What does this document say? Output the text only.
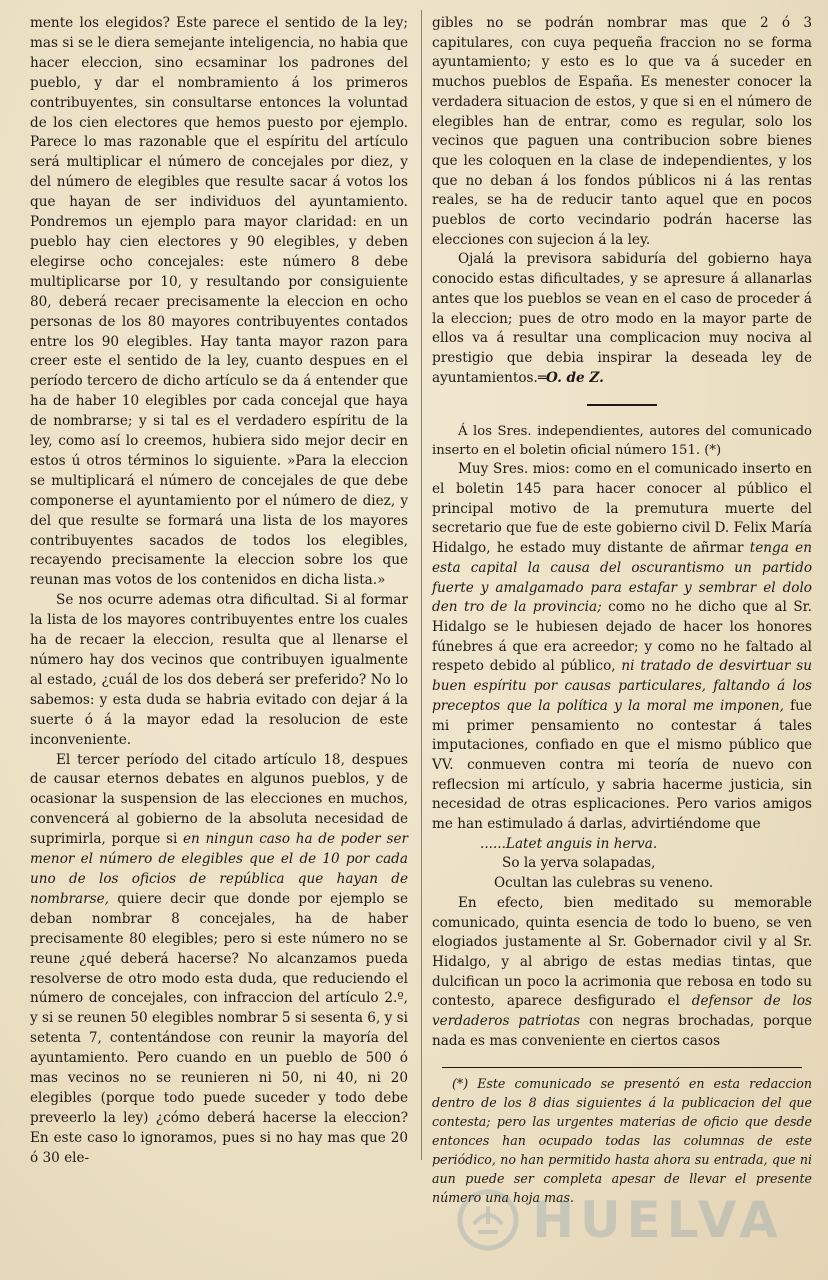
mente los elegidos? Este parece el sentido de la ley; mas si se le diera semejante inteligencia, no habia que hacer eleccion, sino ecsaminar los padrones del pueblo, y dar el nombramiento á los primeros contribuyentes, sin consultarse entonces la voluntad de los cien electores que hemos puesto por ejemplo. Parece lo mas razonable que el espíritu del artículo será multiplicar el número de concejales por diez, y del número de elegibles que resulte sacar á votos los que hayan de ser individuos del ayuntamiento. Pondremos un ejemplo para mayor claridad: en un pueblo hay cien electores y 90 elegibles, y deben elegirse ocho concejales: este número 8 debe multiplicarse por 10, y resultando por consiguiente 80, deberá recaer precisamente la eleccion en ocho personas de los 80 mayores contribuyentes contados entre los 90 elegibles. Hay tanta mayor razon para creer este el sentido de la ley, cuanto despues en el período tercero de dicho artículo se da á entender que ha de haber 10 elegibles por cada concejal que haya de nombrarse; y si tal es el verdadero espíritu de la ley, como así lo creemos, hubiera sido mejor decir en estos ú otros términos lo siguiente. »Para la eleccion se multiplicará el número de concejales de que debe componerse el ayuntamiento por el número de diez, y del que resulte se formará una lista de los mayores contribuyentes sacados de todos los elegibles, recayendo precisamente la eleccion sobre los que reunan mas votos de los contenidos en dicha lista.»

Se nos ocurre ademas otra dificultad. Si al formar la lista de los mayores contribuyentes entre los cuales ha de recaer la eleccion, resulta que al llenarse el número hay dos vecinos que contribuyen igualmente al estado, ¿cuál de los dos deberá ser preferido? No lo sabemos: y esta duda se habria evitado con dejar á la suerte ó á la mayor edad la resolucion de este inconveniente.

El tercer período del citado artículo 18, despues de causar eternos debates en algunos pueblos, y de ocasionar la suspension de las elecciones en muchos, convencerá al gobierno de la absoluta necesidad de suprimirla, porque si en ningun caso ha de poder ser menor el número de elegibles que el de 10 por cada uno de los oficios de república que hayan de nombrarse, quiere decir que donde por ejemplo se deban nombrar 8 concejales, ha de haber precisamente 80 elegibles; pero si este número no se reune ¿qué deberá hacerse? No alcanzamos pueda resolverse de otro modo esta duda, que reduciendo el número de concejales, con infraccion del artículo 2.º, y si se reunen 50 elegibles nombrar 5 si sesenta 6, y si setenta 7, contentándose con reunir la mayoría del ayuntamiento. Pero cuando en un pueblo de 500 ó mas vecinos no se reunieren ni 50, ni 40, ni 20 elegibles (porque todo puede suceder y todo debe preveerlo la ley) ¿cómo deberá hacerse la eleccion? En este caso lo ignoramos, pues si no hay mas que 20 ó 30 ele-

gibles no se podrán nombrar mas que 2 ó 3 capitulares, con cuya pequeña fraccion no se forma ayuntamiento; y esto es lo que va á suceder en muchos pueblos de España. Es menester conocer la verdadera situacion de estos, y que si en el número de elegibles han de entrar, como es regular, solo los vecinos que paguen una contribucion sobre bienes que les coloquen en la clase de independientes, y los que no deban á los fondos públicos ni á las rentas reales, se ha de reducir tanto aquel que en pocos pueblos de corto vecindario podrán hacerse las elecciones con sujecion á la ley.

Ojalá la previsora sabiduría del gobierno haya conocido estas dificultades, y se apresure á allanarlas antes que los pueblos se vean en el caso de proceder á la eleccion; pues de otro modo en la mayor parte de ellos va á resultar una complicacion muy nociva al prestigio que debia inspirar la deseada ley de ayuntamientos.═O. de Z.

Á los Sres. independientes, autores del comunicado inserto en el boletin oficial número 151. (*)

Muy Sres. mios: como en el comunicado inserto en el boletin 145 para hacer conocer al público el principal motivo de la premutura muerte del secretario que fue de este gobierno civil D. Felix María Hidalgo, he estado muy distante de añrmar tenga en esta capital la causa del oscurantismo un partido fuerte y amalgamado para estafar y sembrar el dolo den tro de la provincia; como no he dicho que al Sr. Hidalgo se le hubiesen dejado de hacer los honores fúnebres á que era acreedor; y como no he faltado al respeto debido al público, ni tratado de desvirtuar su buen espíritu por causas particulares, faltando á los preceptos que la política y la moral me imponen, fue mi primer pensamiento no contestar á tales imputaciones, confiado en que el mismo público que VV. conmueven contra mi teoría de nuevo con reflecsion mi artículo, y sabria hacerme justicia, sin necesidad de otras esplicaciones. Pero varios amigos me han estimulado á darlas, advirtiéndome que

......Latet anguis in herva.

So la yerva solapadas,

Ocultan las culebras su veneno.

En efecto, bien meditado su memorable comunicado, quinta esencia de todo lo bueno, se ven elogiados justamente al Sr. Gobernador civil y al Sr. Hidalgo, y al abrigo de estas medias tintas, que dulcifican un poco la acrimonia que rebosa en todo su contesto, aparece desfigurado el defensor de los verdaderos patriotas con negras brochadas, porque nada es mas conveniente en ciertos casos

(*) Este comunicado se presentó en esta redaccion dentro de los 8 dias siguientes á la publicacion del que contesta; pero las urgentes materias de oficio que desde entonces han ocupado todas las columnas de este periódico, no han permitido hasta ahora su entrada, que ni aun puede ser completa apesar de llevar el presente número una hoja mas.

HUELVA
